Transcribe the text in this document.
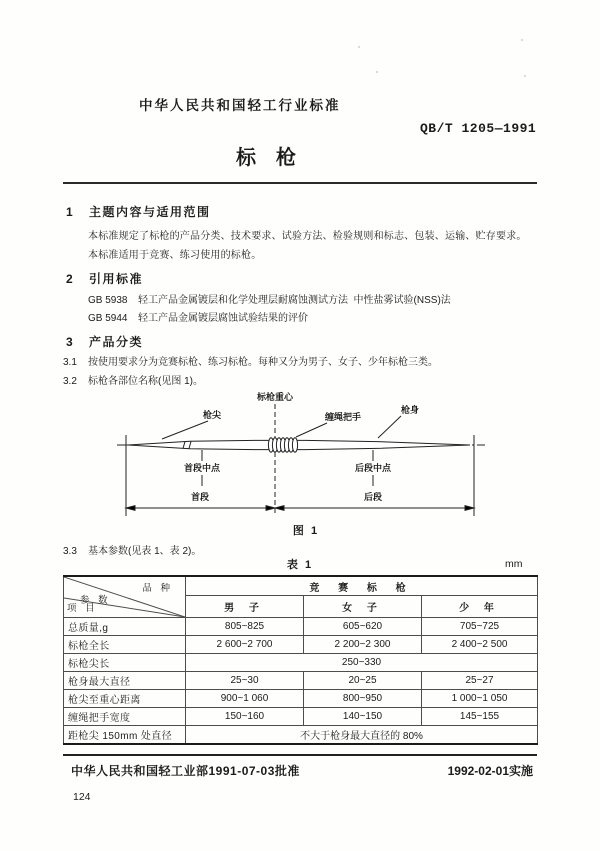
中华人民共和国轻工行业标准
QB/T 1205—1991
标枪
1 主题内容与适用范围
本标准规定了标枪的产品分类、技术要求、试验方法、检验规则和标志、包装、运输、贮存要求。
本标准适用于竞赛、练习使用的标枪。
2 引用标准
GB 5938 轻工产品金属镀层和化学处理层耐腐蚀测试方法  中性盐雾试验(NSS)法
GB 5944 轻工产品金属镀层腐蚀试验结果的评价
3 产品分类
3.1 按使用要求分为竞赛标枪、练习标枪。每种又分为男子、女子、少年标枪三类。
3.2 标枪各部位名称(见图 1)。
标枪重心
枪尖	缠绳把手
枪身
首段中点	后段中点
首段	后段
图 1
3.3 基本参数(见表 1、表 2)。
表 1	mm
品 种
参 数
项 目	竞 赛 标 枪		
	男 子	女 子	少 年
总质量,g	805~825	605~620	705~725
标枪全长	2 600~2 700	2 200~2 300	2 400~2 500
标枪尖长	250~330		
枪身最大直径	25~30	20~25	25~27
枪尖至重心距离	900~1 060	800~950	1 000~1 050
缠绳把手宽度	150~160	140~150	145~155
距枪尖 150mm 处直径	不大于枪身最大直径的 80%		
中华人民共和国轻工业部1991-07-03批准	1992-02-01实施
124
